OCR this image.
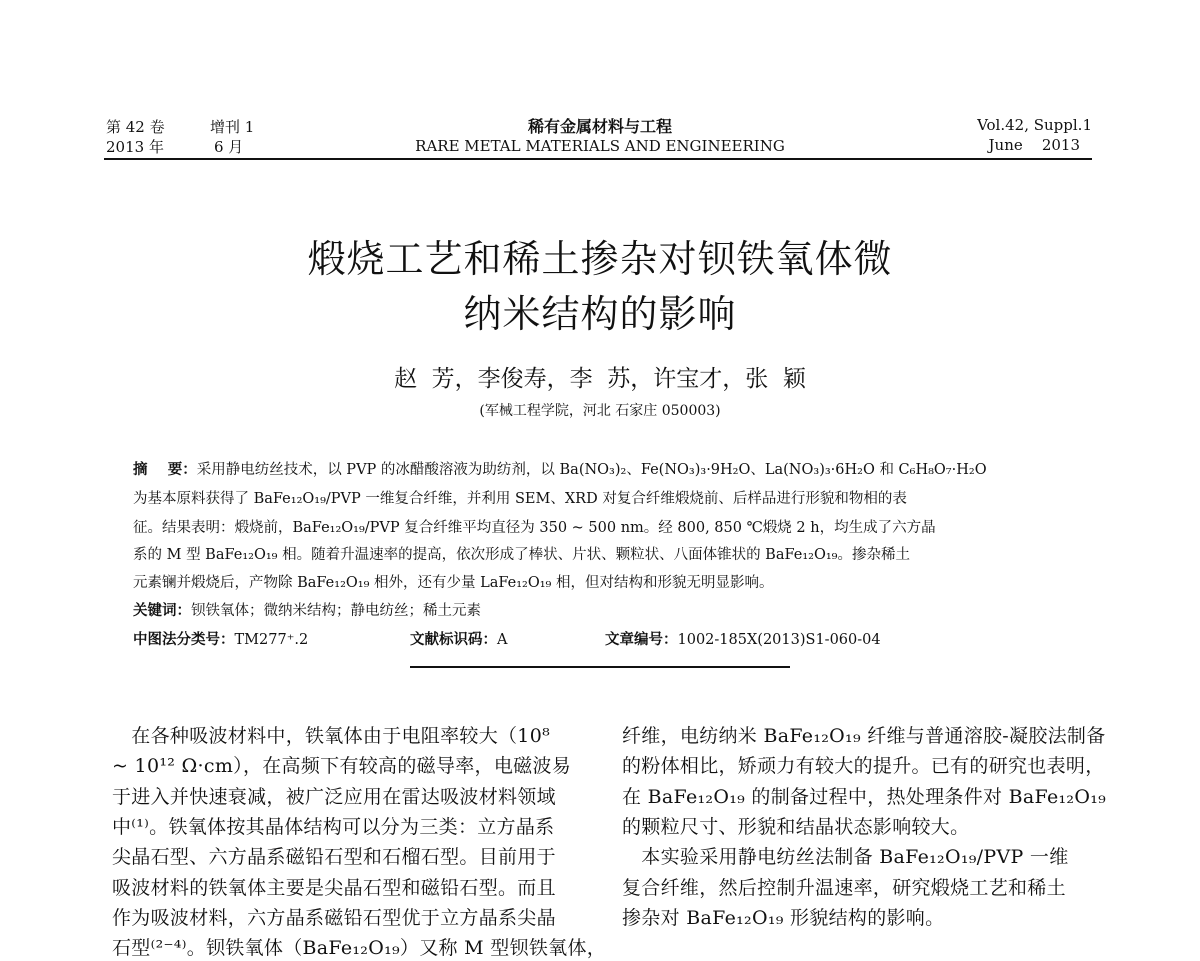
第 42 卷	增刊 1
2013 年	6 月
稀有金属材料与工程
RARE METAL MATERIALS AND ENGINEERING
Vol.42, Suppl.1
June    2013
煅烧工艺和稀土掺杂对钡铁氧体微
纳米结构的影响
赵  芳，李俊寿，李  苏，许宝才，张  颖
(军械工程学院，河北 石家庄 050003)
摘    要：采用静电纺丝技术，以 PVP 的冰醋酸溶液为助纺剂，以 Ba(NO₃)₂、Fe(NO₃)₃·9H₂O、La(NO₃)₃·6H₂O 和 C₆H₈O₇·H₂O
为基本原料获得了 BaFe₁₂O₁₉/PVP 一维复合纤维，并利用 SEM、XRD 对复合纤维煅烧前、后样品进行形貌和物相的表
征。结果表明：煅烧前，BaFe₁₂O₁₉/PVP 复合纤维平均直径为 350 ~ 500 nm。经 800, 850 ℃煅烧 2 h，均生成了六方晶
系的 M 型 BaFe₁₂O₁₉ 相。随着升温速率的提高，依次形成了棒状、片状、颗粒状、八面体锥状的 BaFe₁₂O₁₉。掺杂稀土
元素镧并煅烧后，产物除 BaFe₁₂O₁₉ 相外，还有少量 LaFe₁₂O₁₉ 相，但对结构和形貌无明显影响。
关键词：钡铁氧体；微纳米结构；静电纺丝；稀土元素
中图法分类号：TM277⁺.2	文献标识码：A	文章编号：1002-185X(2013)S1-060-04
　在各种吸波材料中，铁氧体由于电阻率较大（10⁸
~ 10¹² Ω·cm），在高频下有较高的磁导率，电磁波易
于进入并快速衰减，被广泛应用在雷达吸波材料领域
中⁽¹⁾。铁氧体按其晶体结构可以分为三类：立方晶系
尖晶石型、六方晶系磁铅石型和石榴石型。目前用于
吸波材料的铁氧体主要是尖晶石型和磁铅石型。而且
作为吸波材料，六方晶系磁铅石型优于立方晶系尖晶
石型⁽²⁻⁴⁾。钡铁氧体（BaFe₁₂O₁₉）又称 M 型钡铁氧体，
纤维，电纺纳米 BaFe₁₂O₁₉ 纤维与普通溶胶-凝胶法制备
的粉体相比，矫顽力有较大的提升。已有的研究也表明，
在 BaFe₁₂O₁₉ 的制备过程中，热处理条件对 BaFe₁₂O₁₉
的颗粒尺寸、形貌和结晶状态影响较大。
　本实验采用静电纺丝法制备 BaFe₁₂O₁₉/PVP 一维
复合纤维，然后控制升温速率，研究煅烧工艺和稀土
掺杂对 BaFe₁₂O₁₉ 形貌结构的影响。
